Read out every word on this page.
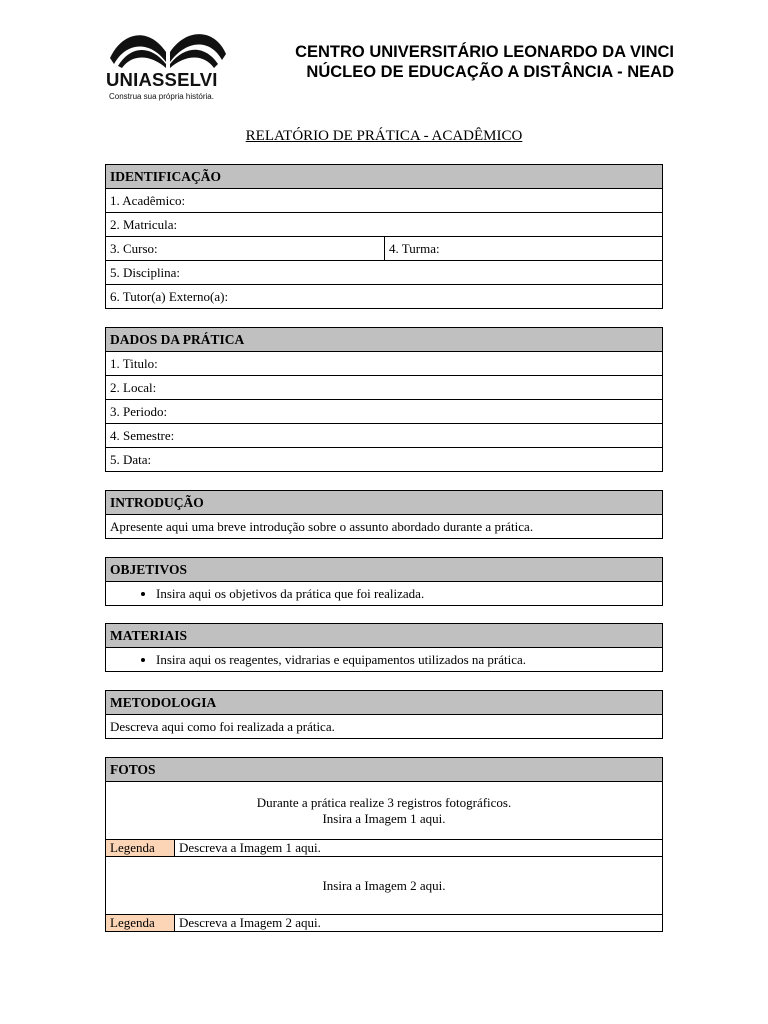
UNIASSELVI
Construa sua própria história.
CENTRO UNIVERSITÁRIO LEONARDO DA VINCI
NÚCLEO DE EDUCAÇÃO A DISTÂNCIA - NEAD
RELATÓRIO DE PRÁTICA - ACADÊMICO
IDENTIFICAÇÃO
1. Acadêmico:
2. Matricula:
3. Curso:	4. Turma:
5. Disciplina:
6. Tutor(a) Externo(a):
DADOS DA PRÁTICA
1. Titulo:
2. Local:
3. Periodo:
4. Semestre:
5. Data:
INTRODUÇÃO
Apresente aqui uma breve introdução sobre o assunto abordado durante a prática.
OBJETIVOS

• Insira aqui os objetivos da prática que foi realizada.
MATERIAIS

• Insira aqui os reagentes, vidrarias e equipamentos utilizados na prática.
METODOLOGIA
Descreva aqui como foi realizada a prática.
FOTOS	

Durante a prática realize 3 registros fotográficos.
Insira a Imagem 1 aqui.	

Legenda	Descreva a Imagem 1 aqui.

Insira a Imagem 2 aqui.	

Legenda	Descreva a Imagem 2 aqui.
